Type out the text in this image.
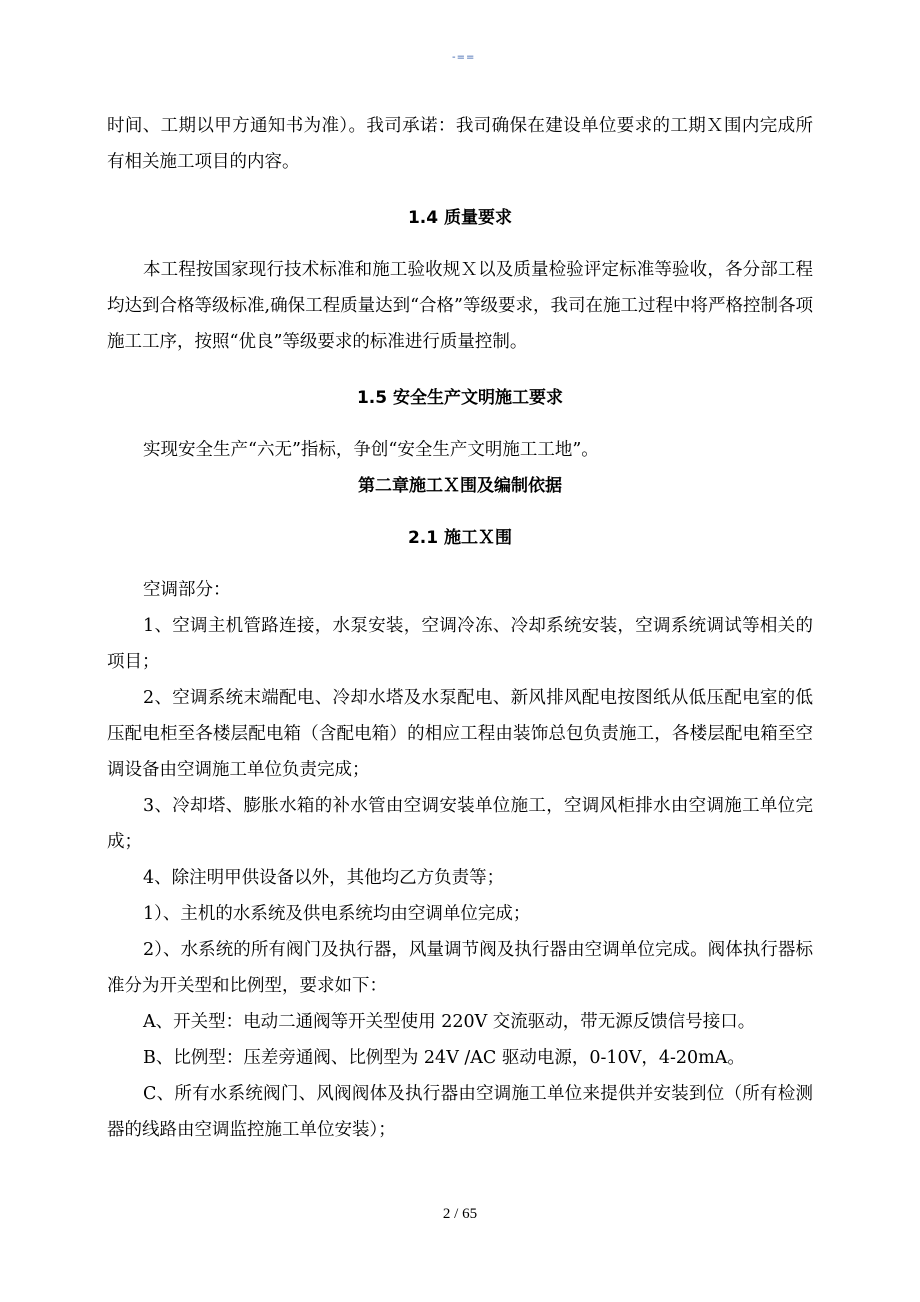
-==

时间、工期以甲方通知书为准）。我司承诺：我司确保在建设单位要求的工期Ｘ围内完成所有相关施工项目的内容。

1.4 质量要求

本工程按国家现行技术标准和施工验收规Ｘ以及质量检验评定标准等验收，各分部工程均达到合格等级标准,确保工程质量达到“合格”等级要求，我司在施工过程中将严格控制各项施工工序，按照“优良”等级要求的标准进行质量控制。

1.5 安全生产文明施工要求

实现安全生产“六无”指标，争创“安全生产文明施工工地”。

第二章施工Ｘ围及编制依据

2.1 施工Ｘ围

空调部分：

1、空调主机管路连接，水泵安装，空调冷冻、冷却系统安装，空调系统调试等相关的项目；

2、空调系统末端配电、冷却水塔及水泵配电、新风排风配电按图纸从低压配电室的低压配电柜至各楼层配电箱（含配电箱）的相应工程由装饰总包负责施工，各楼层配电箱至空调设备由空调施工单位负责完成；

3、冷却塔、膨胀水箱的补水管由空调安装单位施工，空调风柜排水由空调施工单位完成；

4、除注明甲供设备以外，其他均乙方负责等；

1）、主机的水系统及供电系统均由空调单位完成；

2）、水系统的所有阀门及执行器，风量调节阀及执行器由空调单位完成。阀体执行器标准分为开关型和比例型，要求如下：

A、开关型：电动二通阀等开关型使用 220V 交流驱动，带无源反馈信号接口。

B、比例型：压差旁通阀、比例型为 24V /AC 驱动电源，0-10V，4-20mA。

C、所有水系统阀门、风阀阀体及执行器由空调施工单位来提供并安装到位（所有检测器的线路由空调监控施工单位安装）；

2 / 65
